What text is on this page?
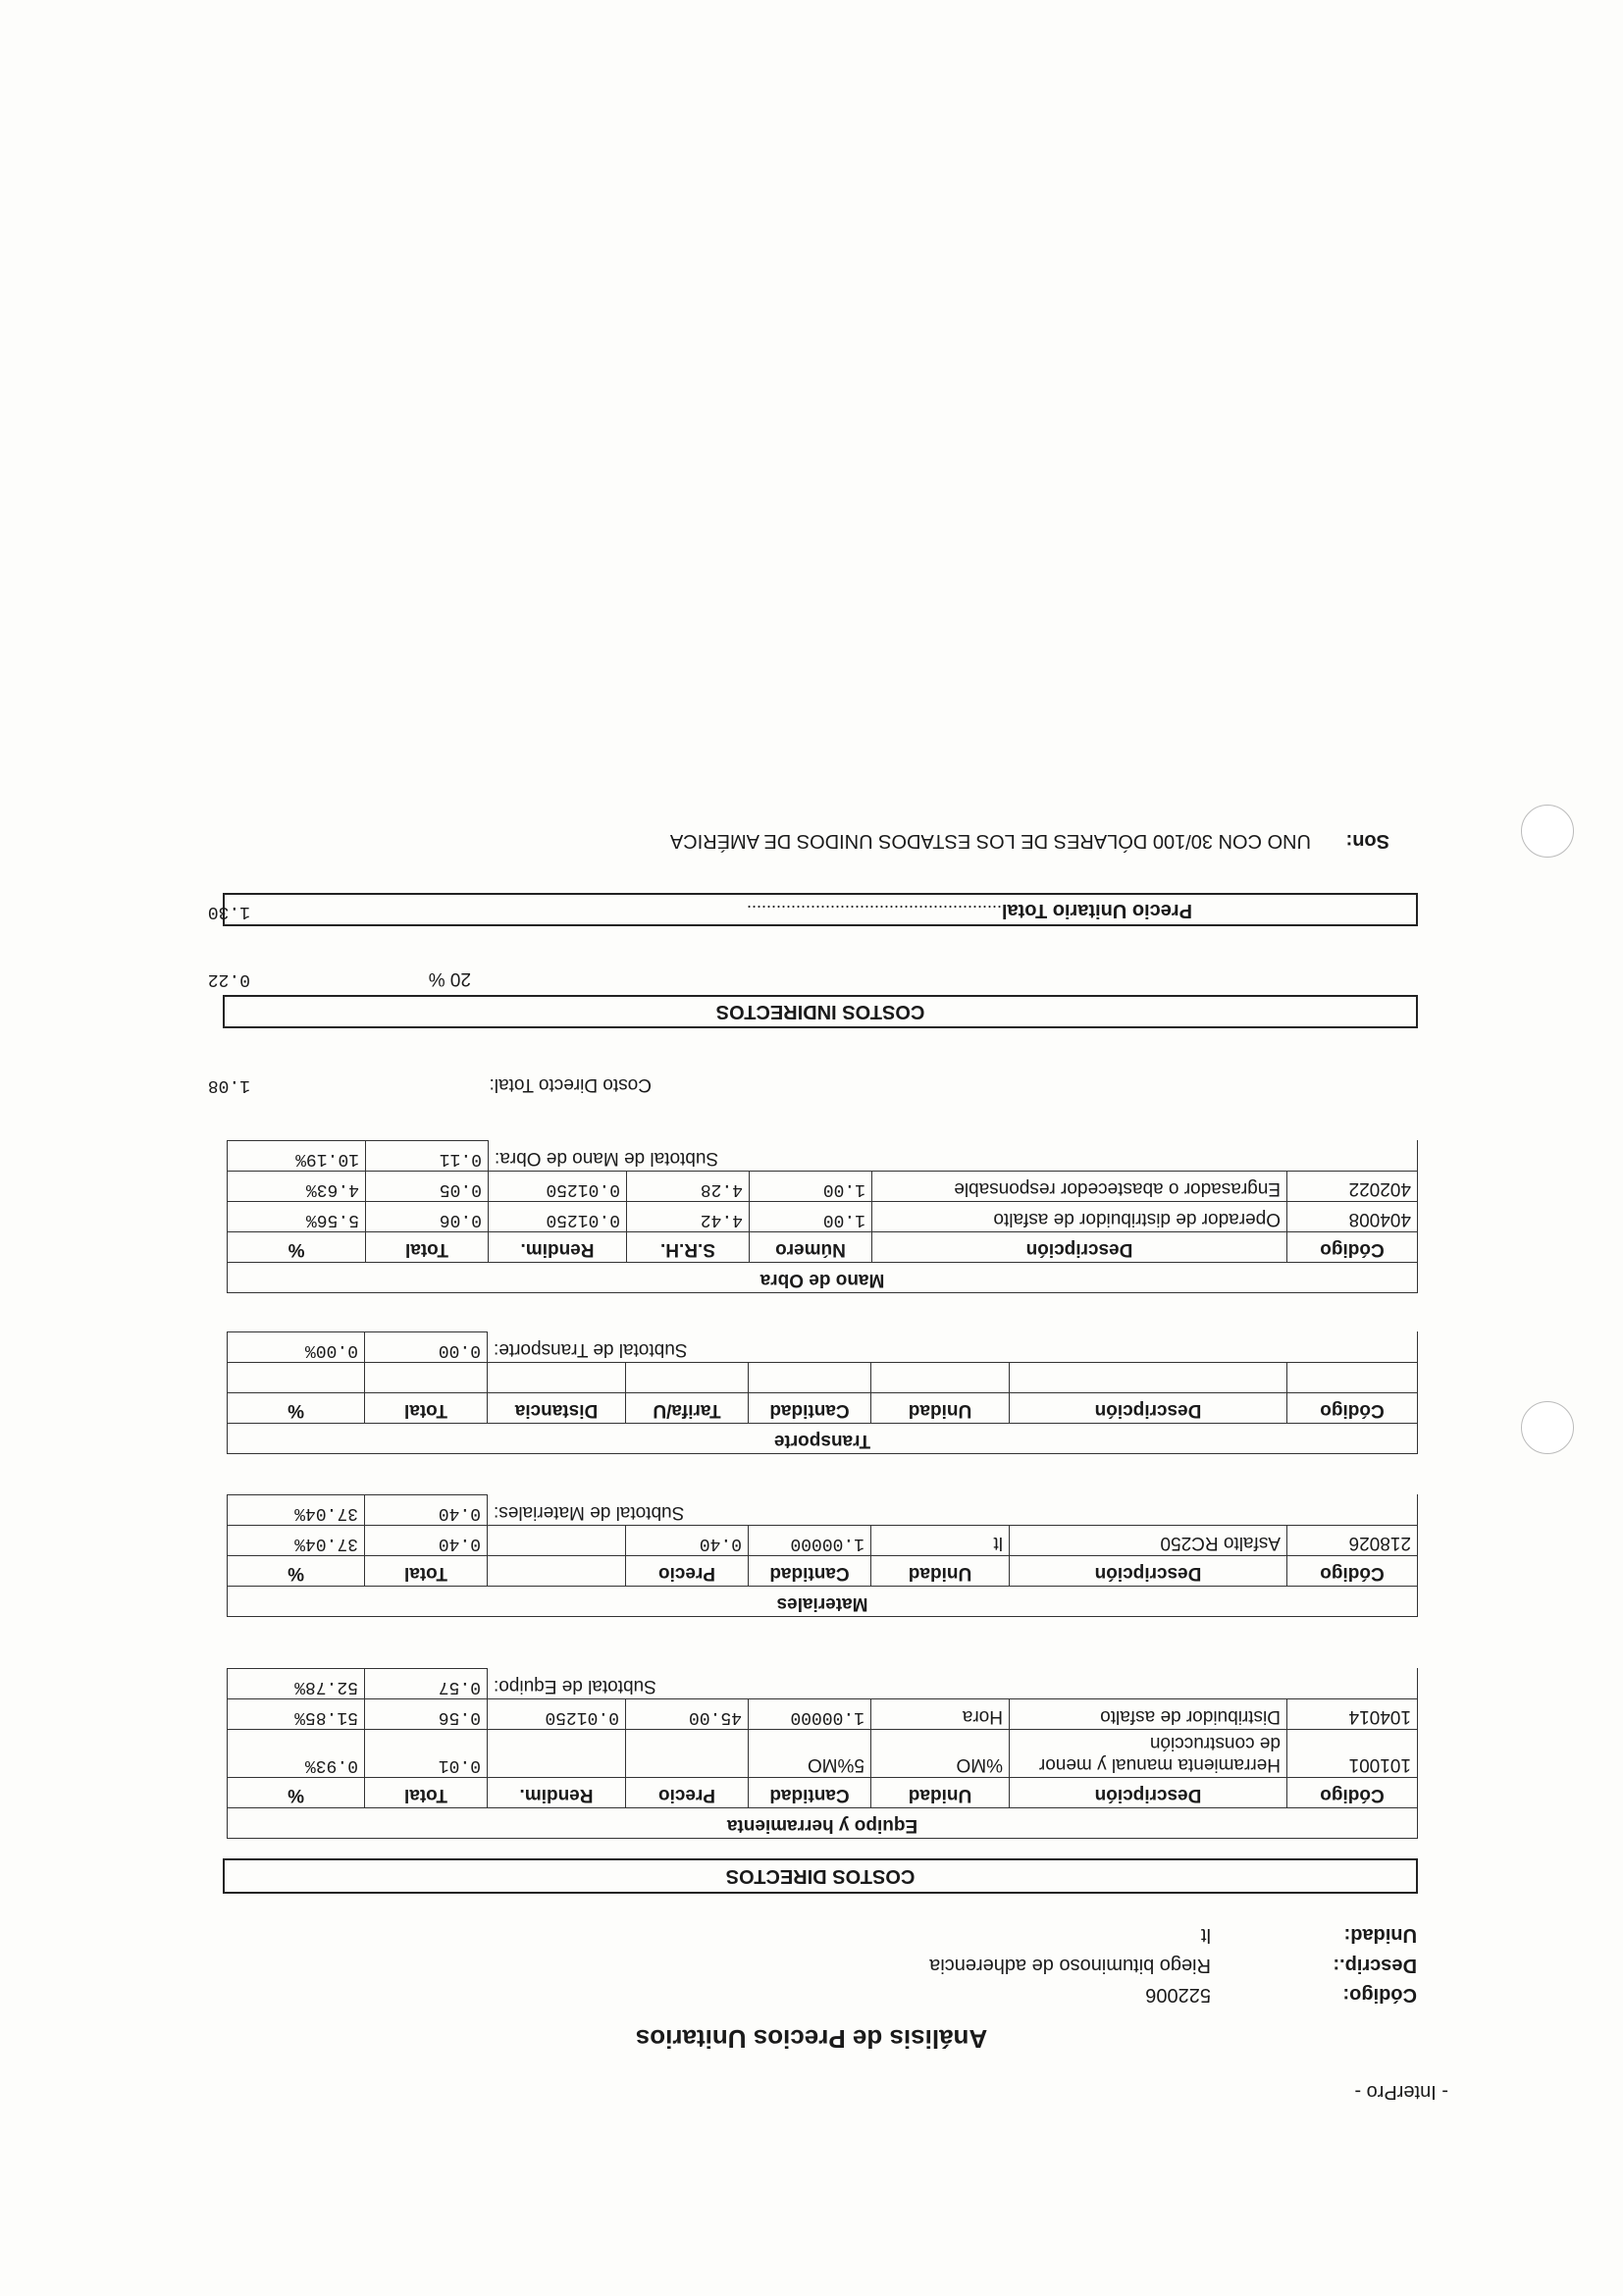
- InterPro -
Análisis de Precios Unitarios
Código:
522006
Descrip.:
Riego bituminoso de adherencia
Unidad:
lt
COSTOS DIRECTOS
Equipo y herramienta							
Código	Descripción	Unidad	Cantidad	Precio	Rendim.	Total	%
101001	Herramienta manual y menor de construcción	%MO	5%MO			0.01	0.93%
104014	Distribuidor de asfalto	Hora	1.00000	45.00	0.01250	0.56	51.85%
Subtotal de Equipo:						0.57	52.78%
Materiales							
Código	Descripción	Unidad	Cantidad	Precio		Total	%
218026	Asfalto RC250	lt	1.00000	0.40		0.40	37.04%
Subtotal de Materiales:						0.40	37.04%
Transporte							
Código	Descripción	Unidad	Cantidad	Tarifa/U	Distancia	Total	%

Subtotal de Transporte:						0.00	0.00%
Mano de Obra						
Código	Descripción	Número	S.R.H.	Rendim.	Total	%
404008	Operador de distribuidor de asfalto	1.00	4.42	0.01250	0.06	5.56%
402022	Engrasador o abastecedor responsable	1.00	4.28	0.01250	0.05	4.63%
Subtotal de Mano de Obra:					0.11	10.19%
Costo Directo Total:
1.08
COSTOS INDIRECTOS
20 %
0.22
Precio Unitario Total
......................................................
1.30
Son:
UNO CON 30/100 DÓLARES DE LOS ESTADOS UNIDOS DE AMÉRICA
